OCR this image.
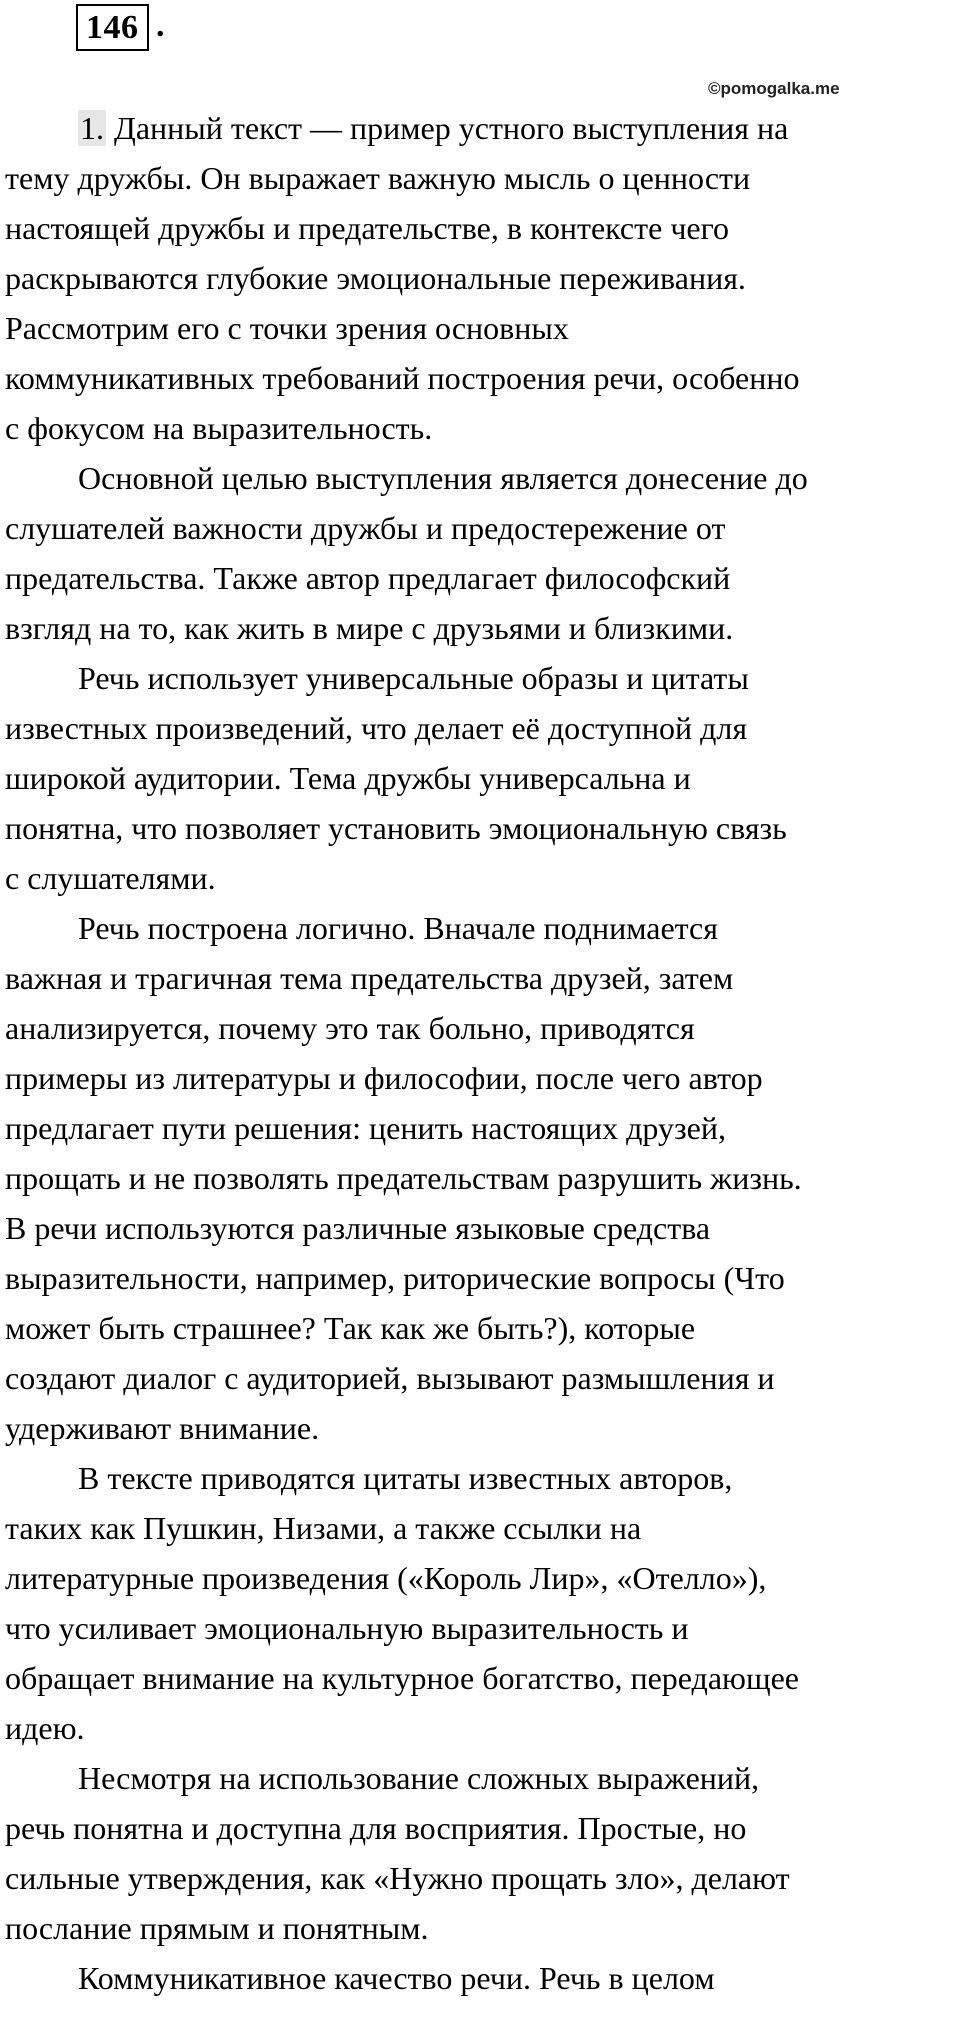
146 .
©pomogalka.me
1. Данный текст — пример устного выступления на
тему дружбы. Он выражает важную мысль о ценности
настоящей дружбы и предательстве, в контексте чего
раскрываются глубокие эмоциональные переживания.
Рассмотрим его с точки зрения основных
коммуникативных требований построения речи, особенно
с фокусом на выразительность.
Основной целью выступления является донесение до
слушателей важности дружбы и предостережение от
предательства. Также автор предлагает философский
взгляд на то, как жить в мире с друзьями и близкими.
Речь использует универсальные образы и цитаты
известных произведений, что делает её доступной для
широкой аудитории. Тема дружбы универсальна и
понятна, что позволяет установить эмоциональную связь
с слушателями.
Речь построена логично. Вначале поднимается
важная и трагичная тема предательства друзей, затем
анализируется, почему это так больно, приводятся
примеры из литературы и философии, после чего автор
предлагает пути решения: ценить настоящих друзей,
прощать и не позволять предательствам разрушить жизнь.
В речи используются различные языковые средства
выразительности, например, риторические вопросы (Что
может быть страшнее? Так как же быть?), которые
создают диалог с аудиторией, вызывают размышления и
удерживают внимание.
В тексте приводятся цитаты известных авторов,
таких как Пушкин, Низами, а также ссылки на
литературные произведения («Король Лир», «Отелло»),
что усиливает эмоциональную выразительность и
обращает внимание на культурное богатство, передающее
идею.
Несмотря на использование сложных выражений,
речь понятна и доступна для восприятия. Простые, но
сильные утверждения, как «Нужно прощать зло», делают
послание прямым и понятным.
Коммуникативное качество речи. Речь в целом
